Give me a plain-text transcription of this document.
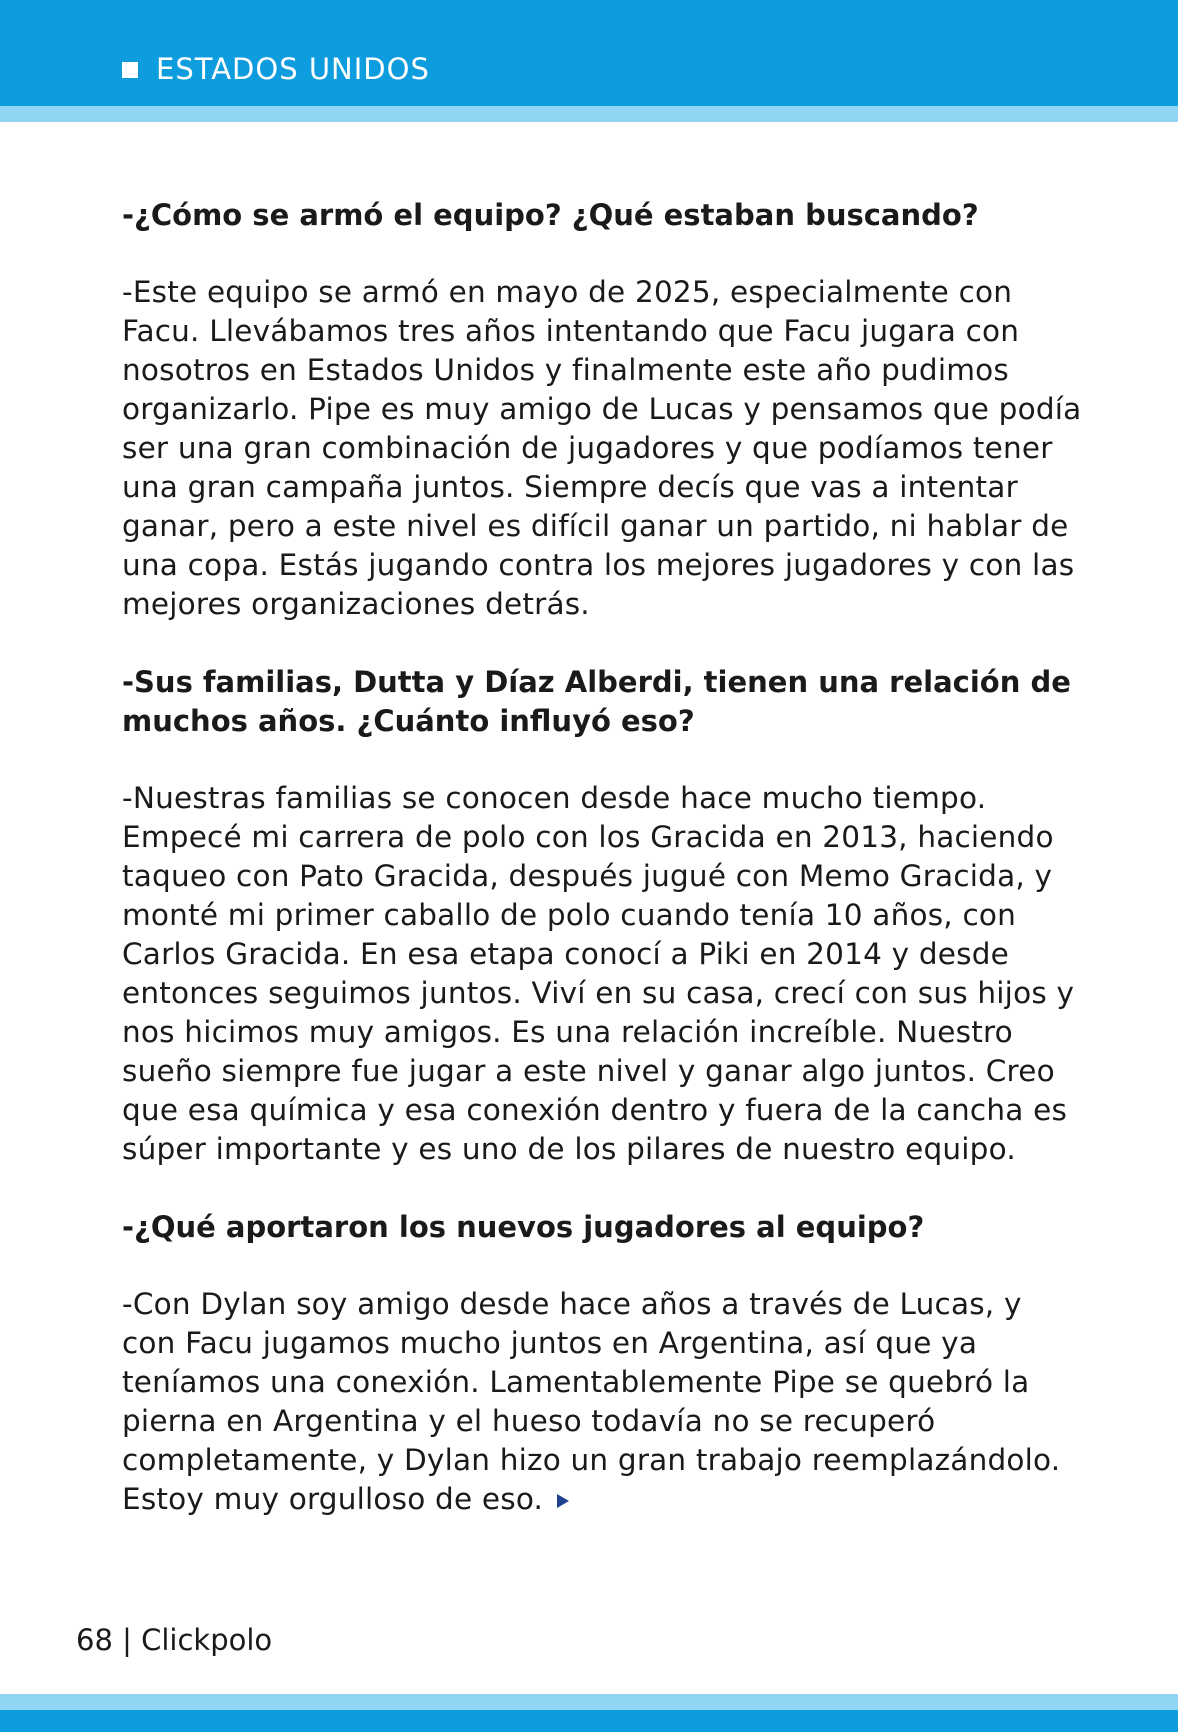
ESTADOS UNIDOS

-¿Cómo se armó el equipo? ¿Qué estaban buscando?

-Este equipo se armó en mayo de 2025, especialmente con Facu. Llevábamos tres años intentando que Facu jugara con nosotros en Estados Unidos y finalmente este año pudimos organizarlo. Pipe es muy amigo de Lucas y pensamos que podía ser una gran combinación de jugadores y que podíamos tener una gran campaña juntos. Siempre decís que vas a intentar ganar, pero a este nivel es difícil ganar un partido, ni hablar de una copa. Estás jugando contra los mejores jugadores y con las mejores organizaciones detrás.

-Sus familias, Dutta y Díaz Alberdi, tienen una relación de muchos años. ¿Cuánto influyó eso?

-Nuestras familias se conocen desde hace mucho tiempo. Empecé mi carrera de polo con los Gracida en 2013, haciendo taqueo con Pato Gracida, después jugué con Memo Gracida, y monté mi primer caballo de polo cuando tenía 10 años, con Carlos Gracida. En esa etapa conocí a Piki en 2014 y desde entonces seguimos juntos. Viví en su casa, crecí con sus hijos y nos hicimos muy amigos. Es una relación increíble. Nuestro sueño siempre fue jugar a este nivel y ganar algo juntos. Creo que esa química y esa conexión dentro y fuera de la cancha es súper importante y es uno de los pilares de nuestro equipo.

-¿Qué aportaron los nuevos jugadores al equipo?

-Con Dylan soy amigo desde hace años a través de Lucas, y con Facu jugamos mucho juntos en Argentina, así que ya teníamos una conexión. Lamentablemente Pipe se quebró la pierna en Argentina y el hueso todavía no se recuperó completamente, y Dylan hizo un gran trabajo reemplazándolo. Estoy muy orgulloso de eso.

68 | Clickpolo
